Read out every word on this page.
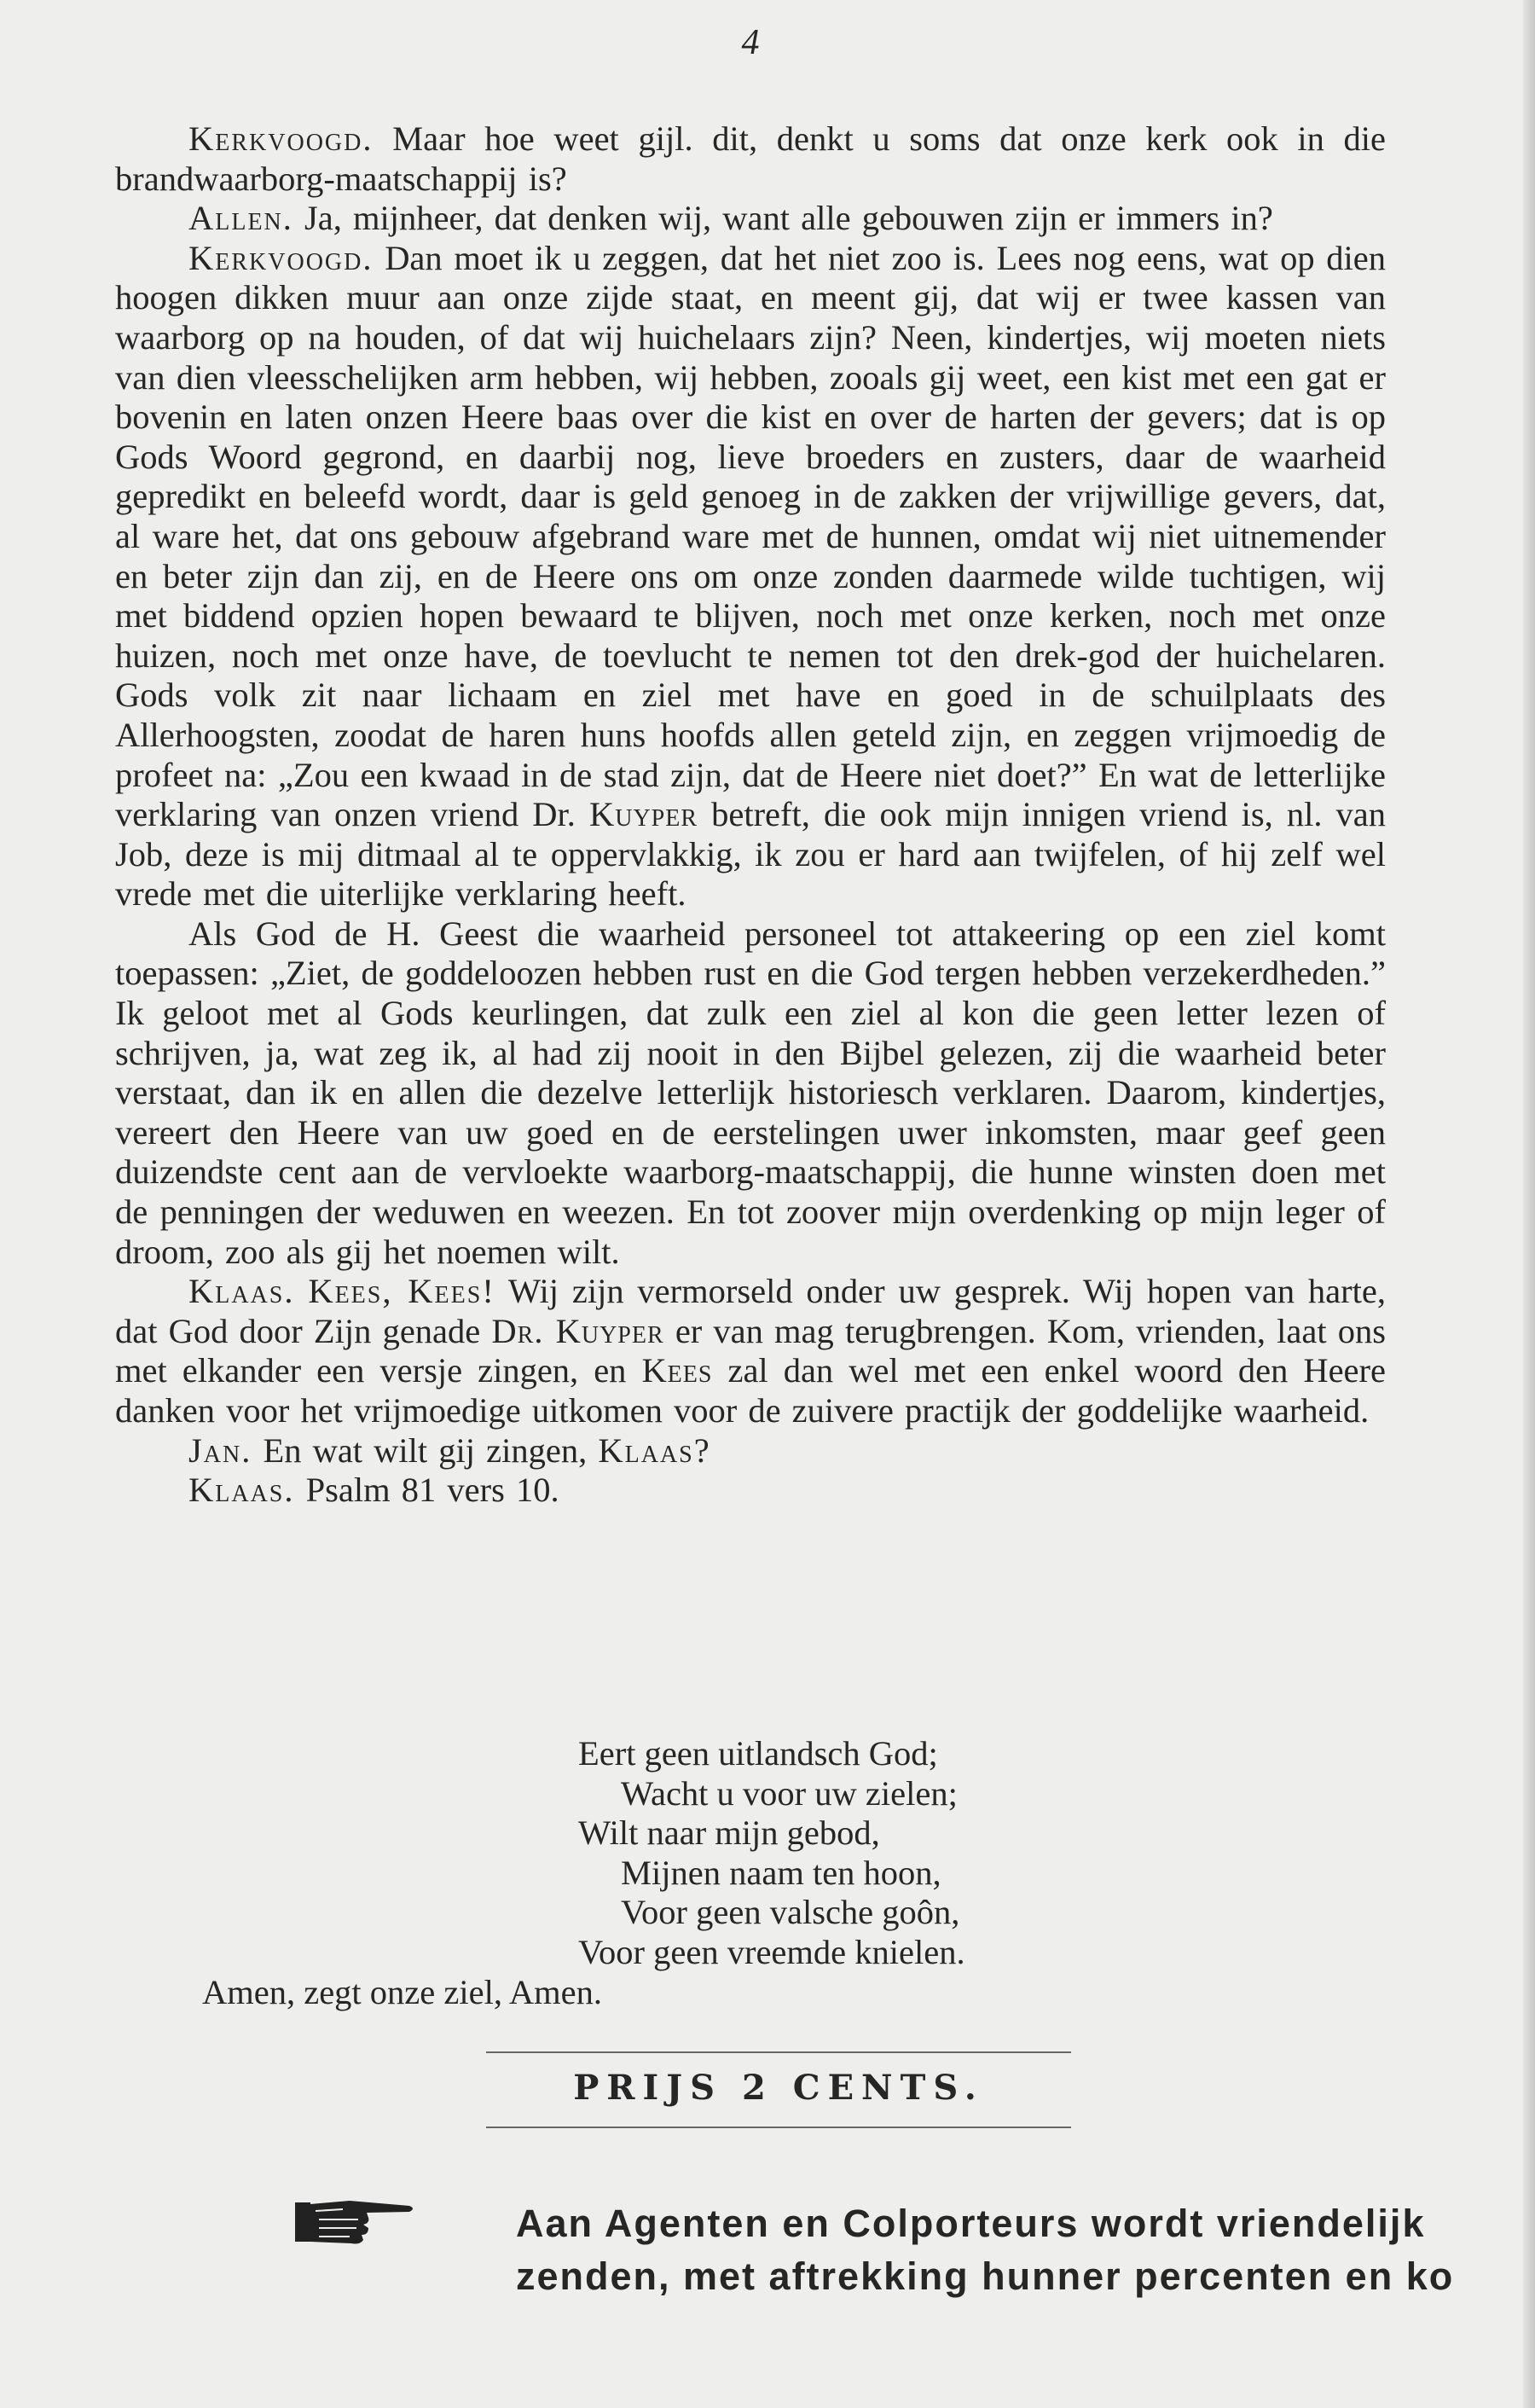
4

Kerkvoogd. Maar hoe weet gijl. dit, denkt u soms dat onze kerk ook in die brandwaarborg-maatschappij is?

Allen. Ja, mijnheer, dat denken wij, want alle gebouwen zijn er immers in?

Kerkvoogd. Dan moet ik u zeggen, dat het niet zoo is. Lees nog eens, wat op dien hoogen dikken muur aan onze zijde staat, en meent gij, dat wij er twee kassen van waarborg op na houden, of dat wij huichelaars zijn? Neen, kindertjes, wij moeten niets van dien vleesschelijken arm hebben, wij hebben, zooals gij weet, een kist met een gat er bovenin en laten onzen Heere baas over die kist en over de harten der gevers; dat is op Gods Woord gegrond, en daarbij nog, lieve broeders en zusters, daar de waarheid gepredikt en beleefd wordt, daar is geld genoeg in de zakken der vrijwillige gevers, dat, al ware het, dat ons gebouw afgebrand ware met de hunnen, omdat wij niet uitnemender en beter zijn dan zij, en de Heere ons om onze zonden daarmede wilde tuchtigen, wij met biddend opzien hopen bewaard te blijven, noch met onze kerken, noch met onze huizen, noch met onze have, de toevlucht te nemen tot den drek-god der huichelaren. Gods volk zit naar lichaam en ziel met have en goed in de schuilplaats des Allerhoogsten, zoodat de haren huns hoofds allen geteld zijn, en zeggen vrijmoedig de profeet na: „Zou een kwaad in de stad zijn, dat de Heere niet doet?” En wat de letterlijke verklaring van onzen vriend Dr. Kuyper betreft, die ook mijn innigen vriend is, nl. van Job, deze is mij ditmaal al te oppervlakkig, ik zou er hard aan twijfelen, of hij zelf wel vrede met die uiterlijke verklaring heeft.

Als God de H. Geest die waarheid personeel tot attakeering op een ziel komt toepassen: „Ziet, de goddeloozen hebben rust en die God tergen hebben verzekerdheden.” Ik geloot met al Gods keurlingen, dat zulk een ziel al kon die geen letter lezen of schrijven, ja, wat zeg ik, al had zij nooit in den Bijbel gelezen, zij die waarheid beter verstaat, dan ik en allen die dezelve letterlijk historiesch verklaren. Daarom, kindertjes, vereert den Heere van uw goed en de eerstelingen uwer inkomsten, maar geef geen duizendste cent aan de vervloekte waarborg-maatschappij, die hunne winsten doen met de penningen der weduwen en weezen. En tot zoover mijn overdenking op mijn leger of droom, zoo als gij het noemen wilt.

Klaas. Kees, Kees! Wij zijn vermorseld onder uw gesprek. Wij hopen van harte, dat God door Zijn genade Dr. Kuyper er van mag terugbrengen. Kom, vrienden, laat ons met elkander een versje zingen, en Kees zal dan wel met een enkel woord den Heere danken voor het vrijmoedige uitkomen voor de zuivere practijk der goddelijke waarheid.

Jan. En wat wilt gij zingen, Klaas?

Klaas. Psalm 81 vers 10.

Eert geen uitlandsch God;
Wacht u voor uw zielen;
Wilt naar mijn gebod,
Mijnen naam ten hoon,
Voor geen valsche goôn,
Voor geen vreemde knielen.
Amen, zegt onze ziel, Amen.
PRIJS 2 CENTS.
Aan Agenten en Colporteurs wordt vriendelijk
zenden, met aftrekking hunner percenten en ko
